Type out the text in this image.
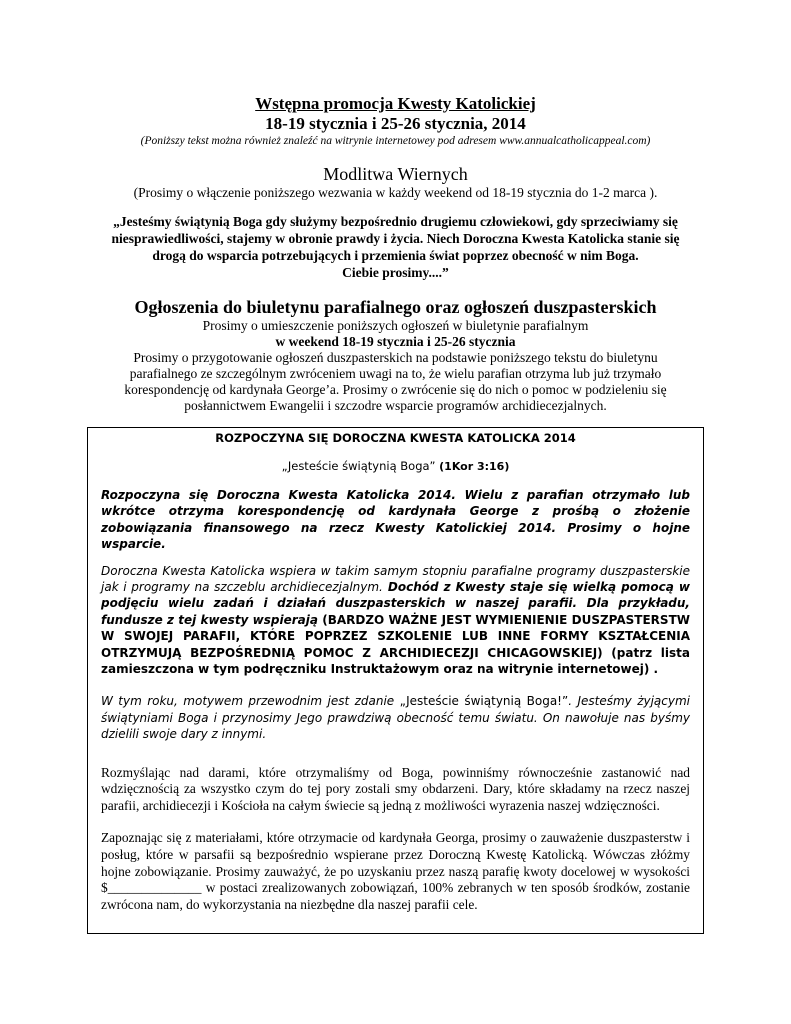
Wstępna promocja Kwesty Katolickiej
18-19 stycznia i 25-26 stycznia, 2014
(Poniższy tekst można również znaleźć na witrynie internetowey pod adresem www.annualcatholicappeal.com)
Modlitwa Wiernych
(Prosimy o włączenie poniższego wezwania w każdy weekend od 18-19 stycznia do 1-2 marca ).
„Jesteśmy świątynią Boga gdy służymy bezpośrednio drugiemu człowiekowi, gdy sprzeciwiamy się
niesprawiedliwości, stajemy w obronie prawdy i życia. Niech Doroczna Kwesta Katolicka stanie się
drogą do wsparcia potrzebujących i przemienia świat poprzez obecność w nim Boga.
Ciebie prosimy....”
Ogłoszenia do biuletynu parafialnego oraz ogłoszeń duszpasterskich
Prosimy o umieszczenie poniższych ogłoszeń w biuletynie parafialnym
w weekend 18-19 stycznia i 25-26 stycznia
Prosimy o przygotowanie ogłoszeń duszpasterskich na podstawie poniższego tekstu do biuletynu
parafialnego ze szczególnym zwróceniem uwagi na to, że wielu parafian otrzyma lub już trzymało
korespondencję od kardynała George’a. Prosimy o zwrócenie się do nich o pomoc w podzieleniu się
posłannictwem Ewangelii i szczodre wsparcie programów archidiecezjalnych.
ROZPOCZYNA SIĘ DOROCZNA KWESTA KATOLICKA 2014
„Jesteście świątynią Boga” (1Kor 3:16)
Rozpoczyna się Doroczna Kwesta Katolicka 2014. Wielu z parafian otrzymało lub wkrótce otrzyma korespondencję od kardynała George z prośbą o złożenie zobowiązania finansowego na rzecz Kwesty Katolickiej 2014. Prosimy o hojne wsparcie.
Doroczna Kwesta Katolicka wspiera w takim samym stopniu parafialne programy duszpasterskie jak i programy na szczeblu archidiecezjalnym. Dochód z Kwesty staje się wielką pomocą w podjęciu wielu zadań i działań duszpasterskich w naszej parafii. Dla przykładu, fundusze z tej kwesty wspierają (BARDZO WAŻNE JEST WYMIENIENIE DUSZPASTERSTW W SWOJEJ PARAFII, KTÓRE POPRZEZ SZKOLENIE LUB INNE FORMY KSZTAŁCENIA OTRZYMUJĄ BEZPOŚREDNIĄ POMOC Z ARCHIDIECEZJI CHICAGOWSKIEJ) (patrz lista zamieszczona w tym podręczniku Instruktażowym oraz na witrynie internetowej) .
W tym roku, motywem przewodnim jest zdanie „Jesteście świątynią Boga!”. Jesteśmy żyjącymi świątyniami Boga i przynosimy Jego prawdziwą obecność temu światu. On nawołuje nas byśmy dzielili swoje dary z innymi.
Rozmyślając nad darami, które otrzymaliśmy od Boga, powinniśmy równocześnie zastanowić nad wdzięcznością za wszystko czym do tej pory zostali smy obdarzeni. Dary, które składamy na rzecz naszej parafii, archidiecezji i Kościoła na całym świecie są jedną z możliwości wyrazenia naszej wdzięczności.
Zapoznając się z materiałami, które otrzymacie od kardynała Georga, prosimy o zauważenie duszpasterstw i posług, które w parsafii są bezpośrednio wspierane przez Doroczną Kwestę Katolicką. Wówczas złóżmy hojne zobowiązanie. Prosimy zauważyć, że po uzyskaniu przez naszą parafię kwoty docelowej w wysokości $______________ w postaci zrealizowanych zobowiązań, 100% zebranych w ten sposób środków, zostanie zwrócona nam, do wykorzystania na niezbędne dla naszej parafii cele.
